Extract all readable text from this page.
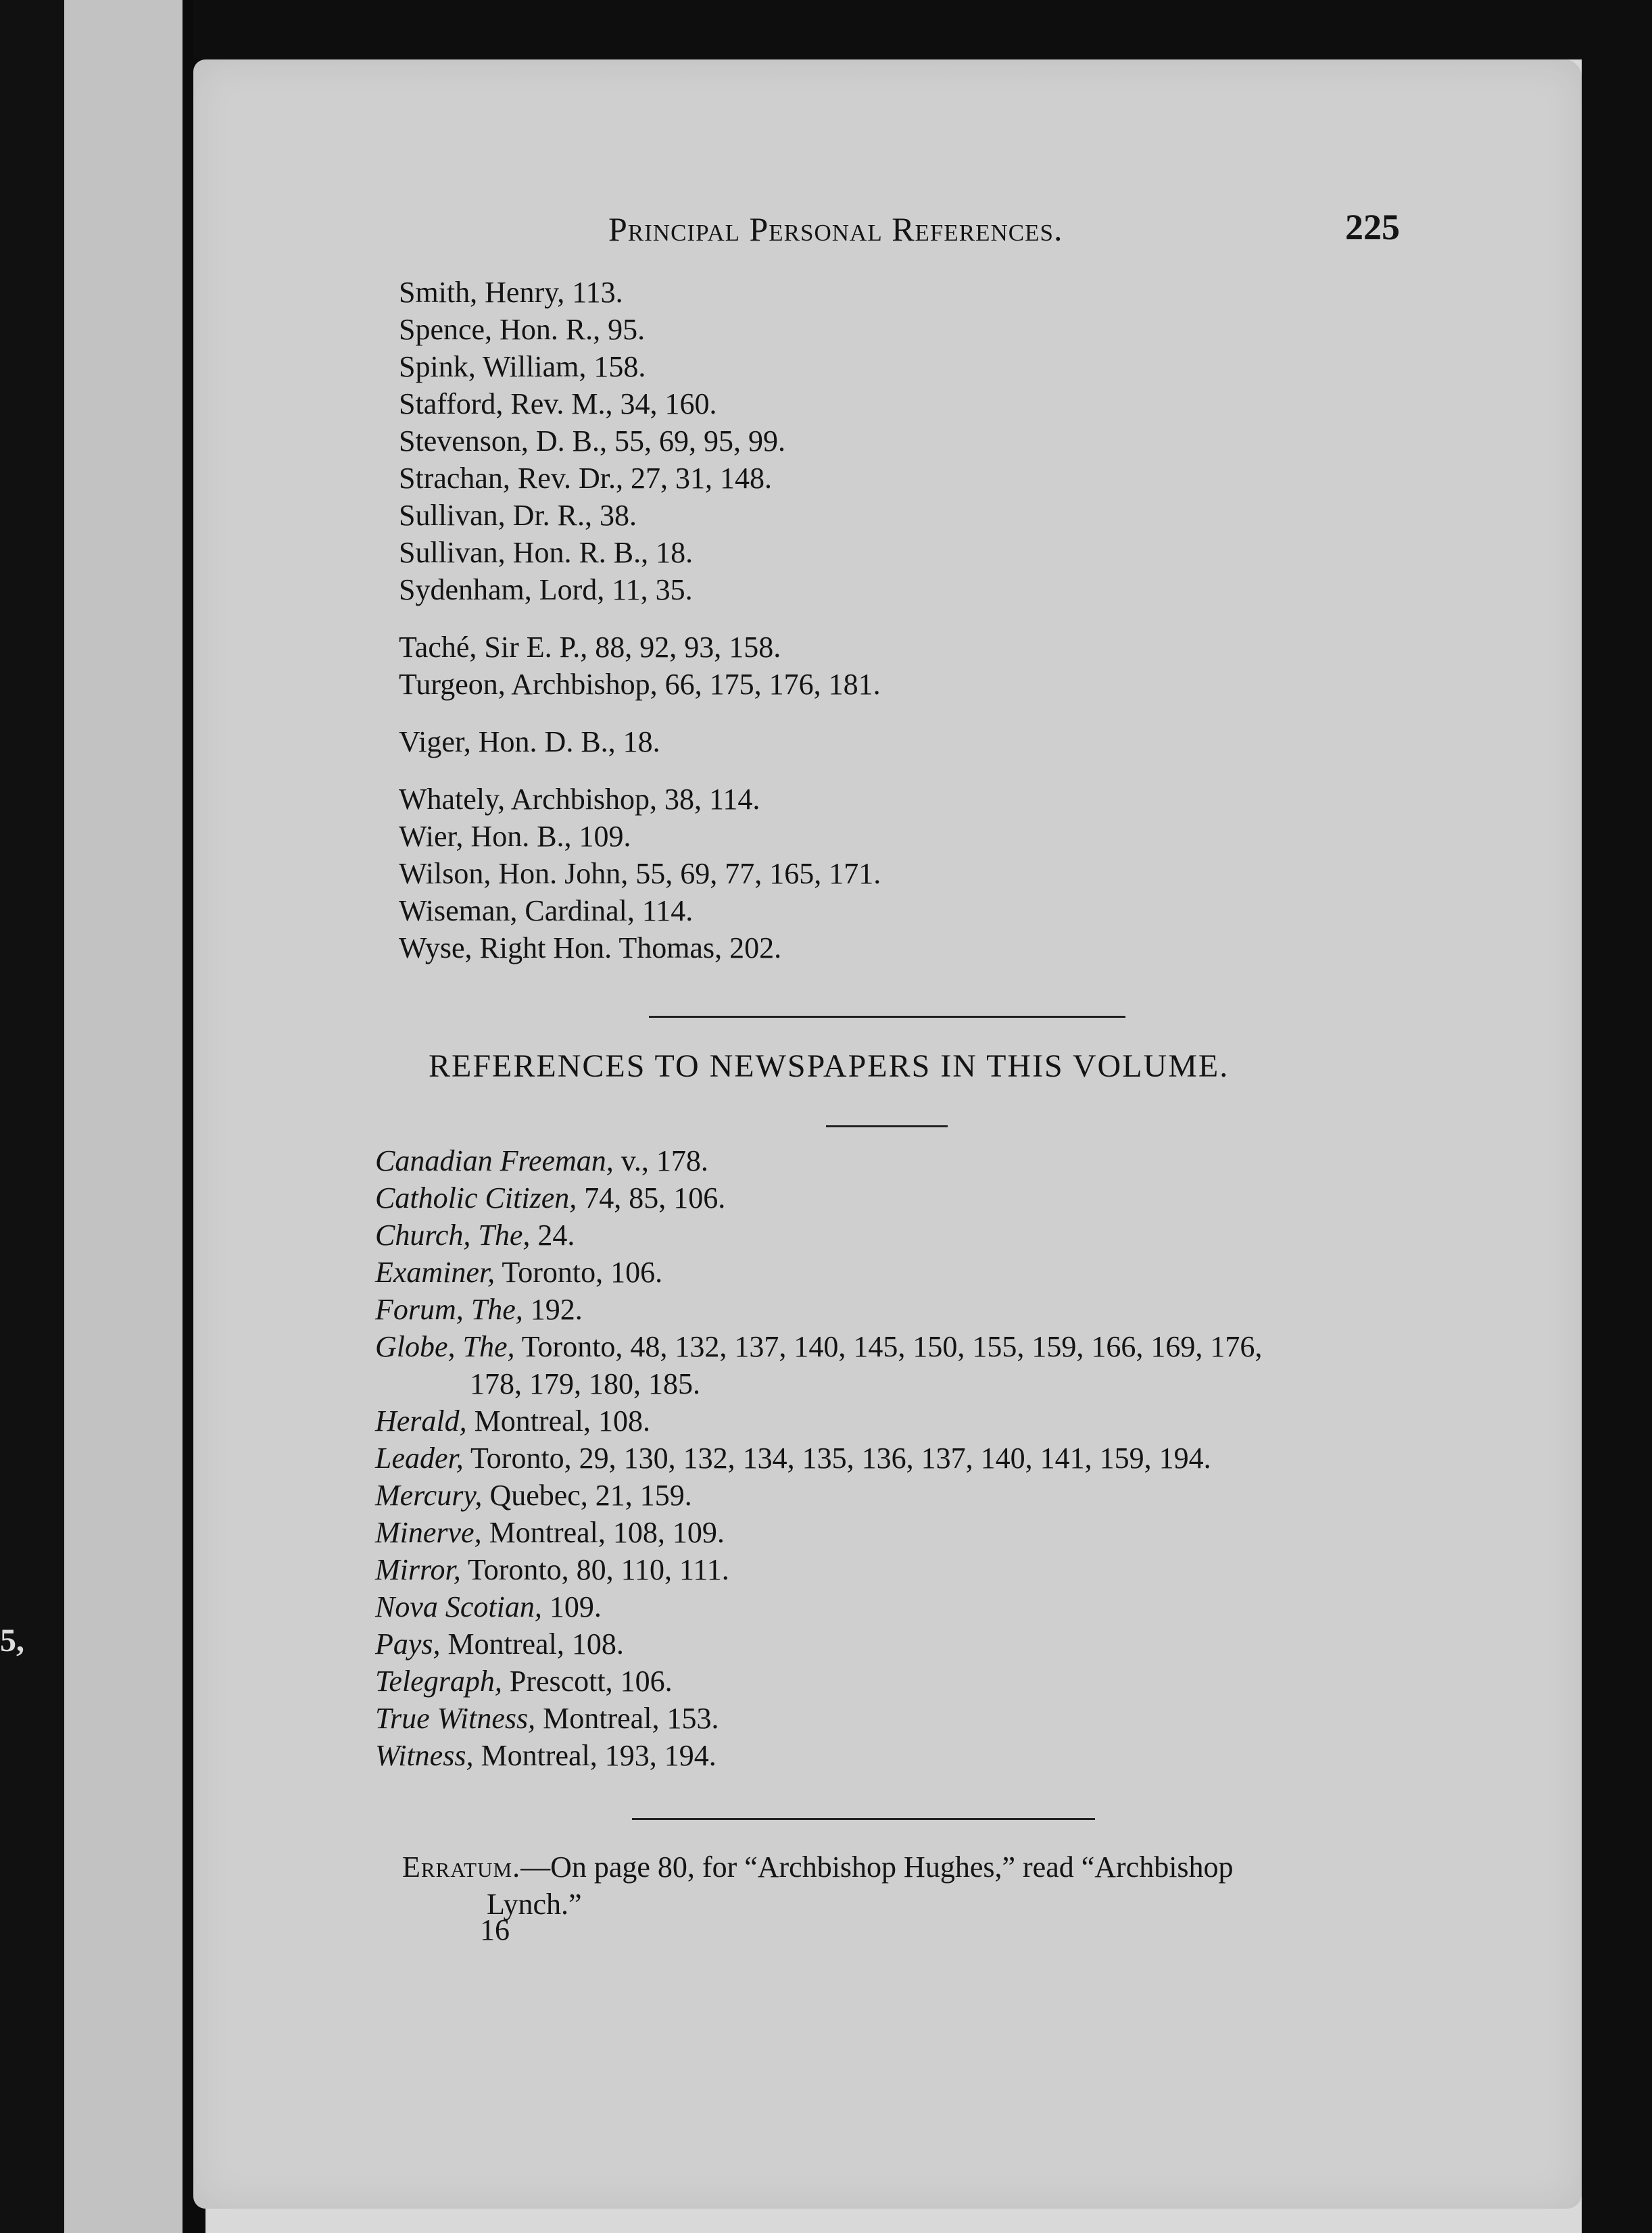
5,
Principal Personal References.	225
Smith, Henry, 113.
Spence, Hon. R., 95.
Spink, William, 158.
Stafford, Rev. M., 34, 160.
Stevenson, D. B., 55, 69, 95, 99.
Strachan, Rev. Dr., 27, 31, 148.
Sullivan, Dr. R., 38.
Sullivan, Hon. R. B., 18.
Sydenham, Lord, 11, 35.
Taché, Sir E. P., 88, 92, 93, 158.
Turgeon, Archbishop, 66, 175, 176, 181.
Viger, Hon. D. B., 18.
Whately, Archbishop, 38, 114.
Wier, Hon. B., 109.
Wilson, Hon. John, 55, 69, 77, 165, 171.
Wiseman, Cardinal, 114.
Wyse, Right Hon. Thomas, 202.
REFERENCES TO NEWSPAPERS IN THIS VOLUME.
Canadian Freeman, v., 178.
Catholic Citizen, 74, 85, 106.
Church, The, 24.
Examiner, Toronto, 106.
Forum, The, 192.
Globe, The, Toronto, 48, 132, 137, 140, 145, 150, 155, 159, 166, 169, 176,
178, 179, 180, 185.
Herald, Montreal, 108.
Leader, Toronto, 29, 130, 132, 134, 135, 136, 137, 140, 141, 159, 194.
Mercury, Quebec, 21, 159.
Minerve, Montreal, 108, 109.
Mirror, Toronto, 80, 110, 111.
Nova Scotian, 109.
Pays, Montreal, 108.
Telegraph, Prescott, 106.
True Witness, Montreal, 153.
Witness, Montreal, 193, 194.
Erratum.—On page 80, for “Archbishop Hughes,” read “Archbishop
Lynch.”
16
